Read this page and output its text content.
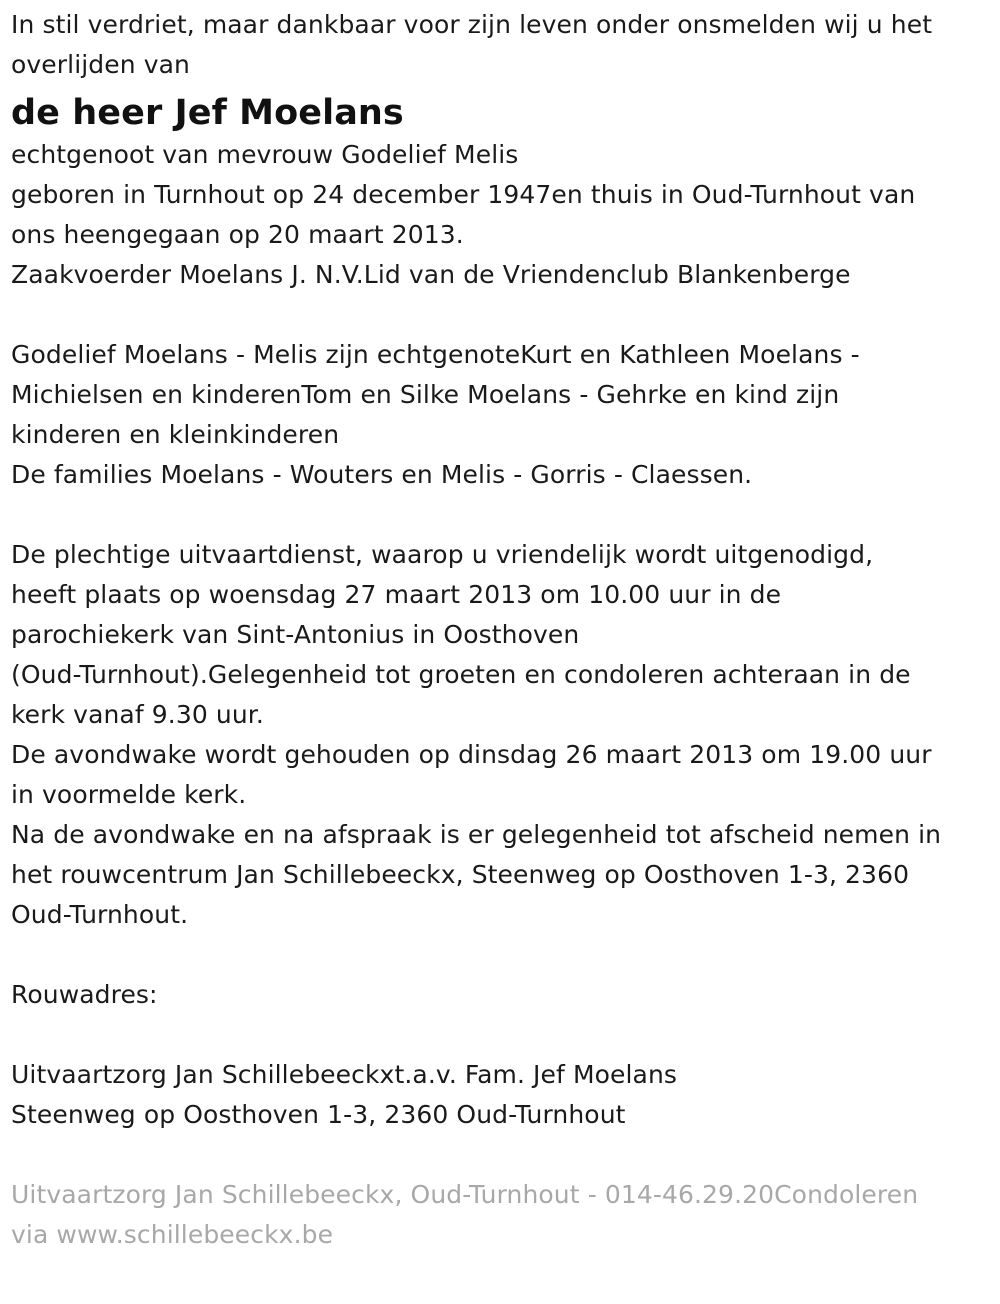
In stil verdriet, maar dankbaar voor zijn leven onder onsmelden wij u het
overlijden van
de heer Jef Moelans
echtgenoot van mevrouw Godelief Melis
geboren in Turnhout op 24 december 1947en thuis in Oud-Turnhout van
ons heengegaan op 20 maart 2013.
Zaakvoerder Moelans J. N.V.Lid van de Vriendenclub Blankenberge
Godelief Moelans - Melis zijn echtgenoteKurt en Kathleen Moelans -
Michielsen en kinderenTom en Silke Moelans - Gehrke en kind zijn
kinderen en kleinkinderen
De families Moelans - Wouters en Melis - Gorris - Claessen.
De plechtige uitvaartdienst, waarop u vriendelijk wordt uitgenodigd,
heeft plaats op woensdag 27 maart 2013 om 10.00 uur in de
parochiekerk van Sint-Antonius in Oosthoven
(Oud-Turnhout).Gelegenheid tot groeten en condoleren achteraan in de
kerk vanaf 9.30 uur.
De avondwake wordt gehouden op dinsdag 26 maart 2013 om 19.00 uur
in voormelde kerk.
Na de avondwake en na afspraak is er gelegenheid tot afscheid nemen in
het rouwcentrum Jan Schillebeeckx, Steenweg op Oosthoven 1-3, 2360
Oud-Turnhout.
Rouwadres:
Uitvaartzorg Jan Schillebeeckxt.a.v. Fam. Jef Moelans
Steenweg op Oosthoven 1-3, 2360 Oud-Turnhout
Uitvaartzorg Jan Schillebeeckx, Oud-Turnhout - 014-46.29.20Condoleren
via www.schillebeeckx.be
